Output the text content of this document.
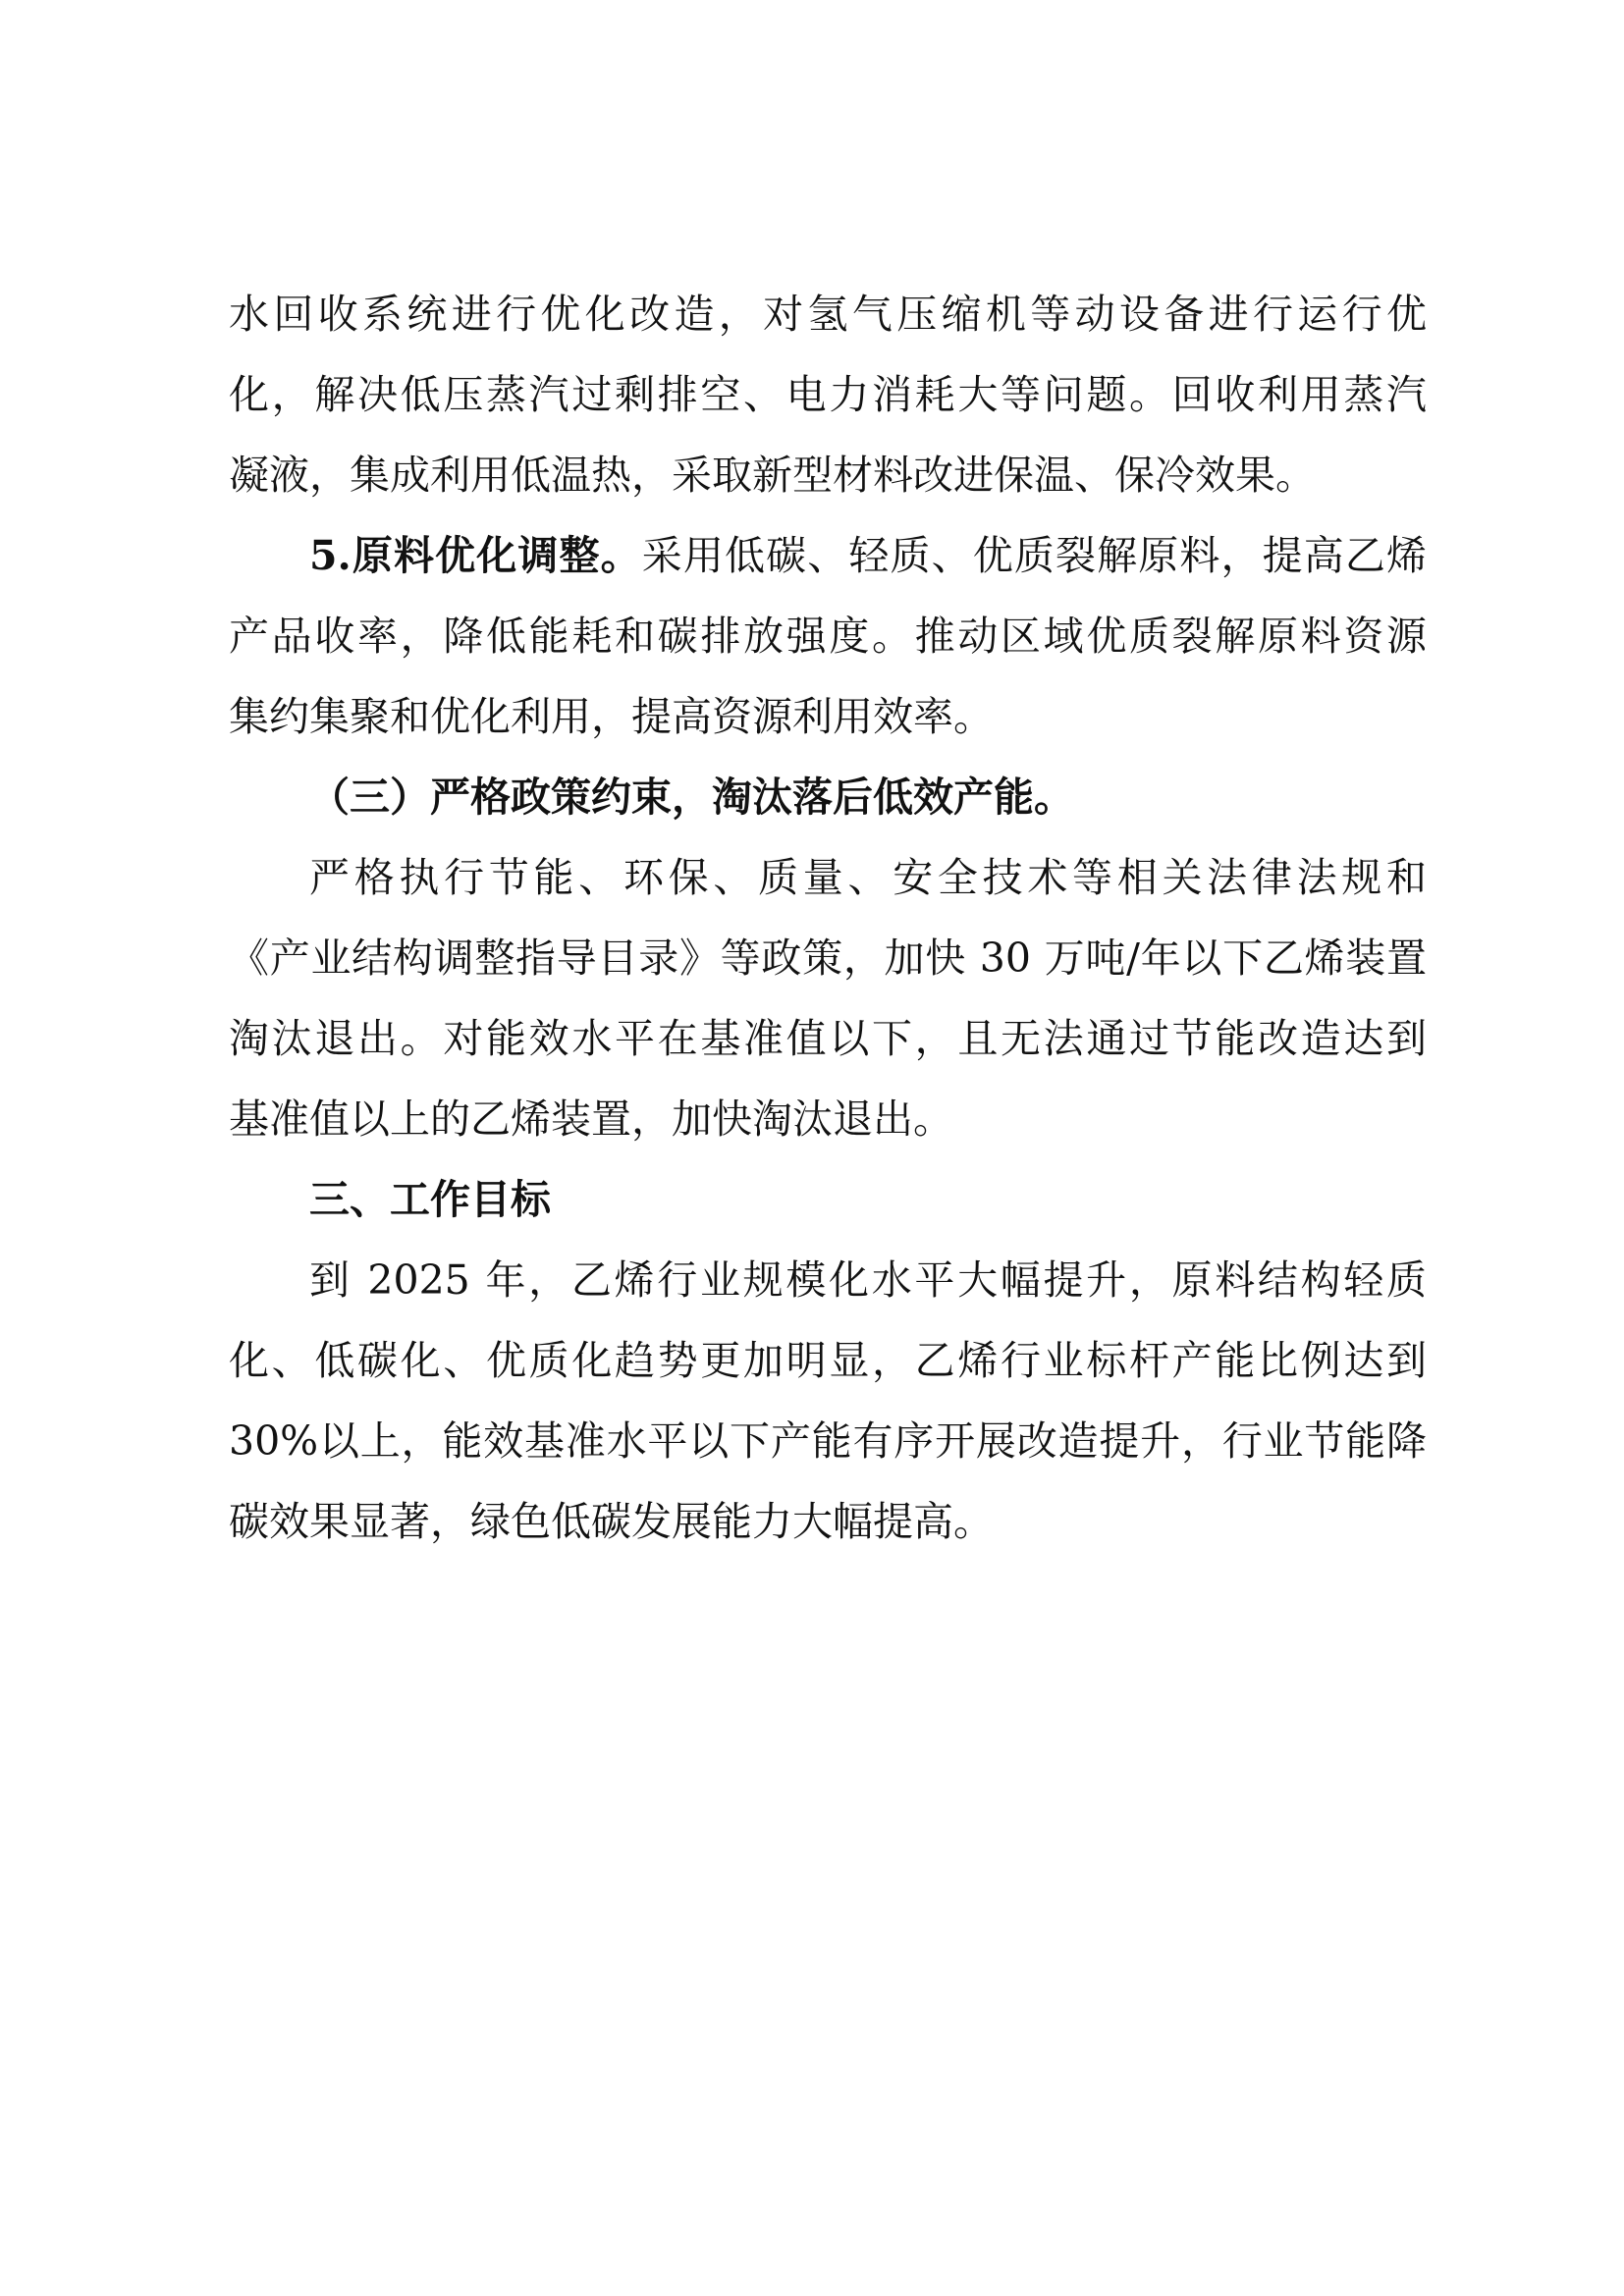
水回收系统进行优化改造，对氢气压缩机等动设备进行运行优
化，解决低压蒸汽过剩排空、电力消耗大等问题。回收利用蒸汽
凝液，集成利用低温热，采取新型材料改进保温、保冷效果。
5.原料优化调整。采用低碳、轻质、优质裂解原料，提高乙烯
产品收率，降低能耗和碳排放强度。推动区域优质裂解原料资源
集约集聚和优化利用，提高资源利用效率。
（三）严格政策约束，淘汰落后低效产能。
严格执行节能、环保、质量、安全技术等相关法律法规和
《产业结构调整指导目录》等政策，加快 30 万吨/年以下乙烯装置
淘汰退出。对能效水平在基准值以下，且无法通过节能改造达到
基准值以上的乙烯装置，加快淘汰退出。
三、工作目标
到 2025 年，乙烯行业规模化水平大幅提升，原料结构轻质
化、低碳化、优质化趋势更加明显，乙烯行业标杆产能比例达到
30%以上，能效基准水平以下产能有序开展改造提升，行业节能降
碳效果显著，绿色低碳发展能力大幅提高。
